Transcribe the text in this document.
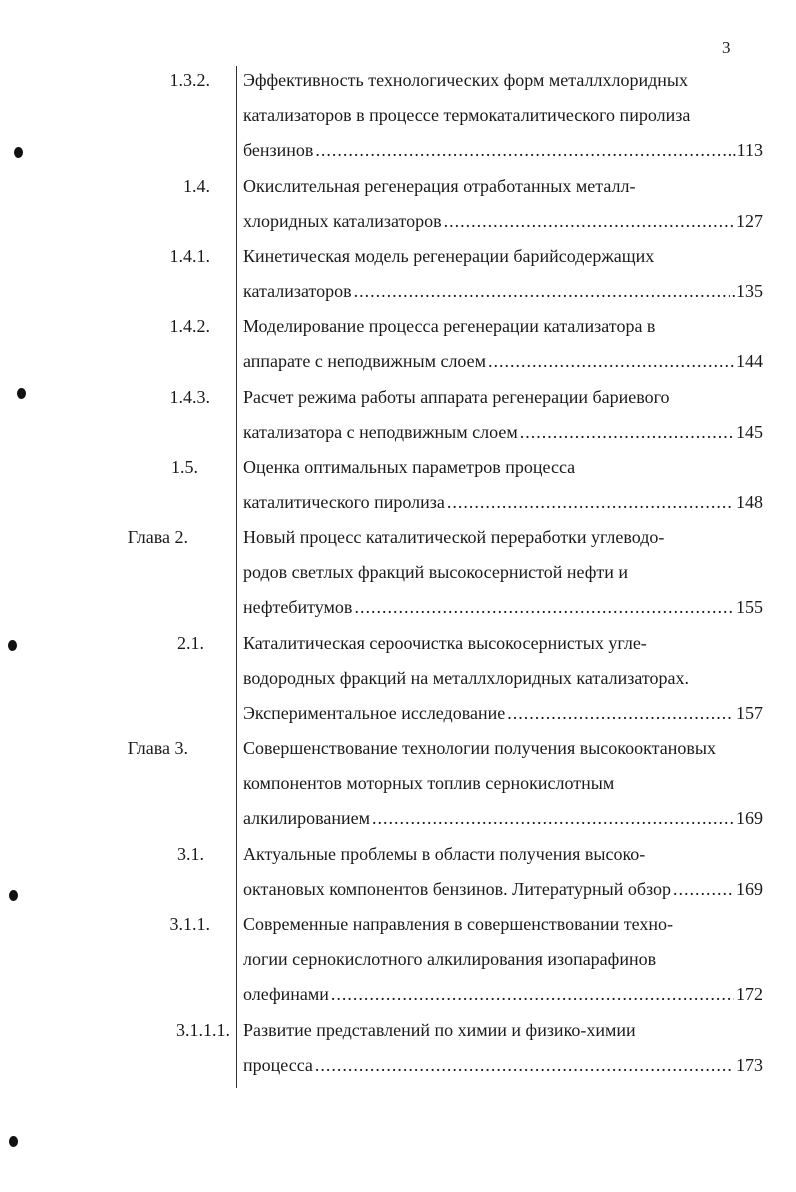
3
1.3.2. Эффективность технологических форм металлхлоридных
катализаторов в процессе термокаталитического пиролиза
бензинов .....	..113
1.4. Окислительная регенерация отработанных металл-
хлоридных катализаторов .....	127
1.4.1. Кинетическая модель регенерации барийсодержащих
катализаторов .....	.135
1.4.2. Моделирование процесса регенерации катализатора в
аппарате с неподвижным слоем .....	144
1.4.3. Расчет режима работы аппарата регенерации бариевого
катализатора с неподвижным слоем .....	145
1.5.	Оценка оптимальных параметров процесса
каталитического пиролиза .....	148
Глава 2.	Новый процесс каталитической переработки углеводо-
родов светлых фракций высокосернистой нефти и
нефтебитумов .....	155
2.1. Каталитическая сероочистка высокосернистых угле-
водородных фракций на металлхлоридных катализаторах.
Экспериментальное исследование .....	157
Глава 3.	Совершенствование технологии получения высокооктановых
компонентов моторных топлив сернокислотным
алкилированием .....	169
3.1. Актуальные проблемы в области получения высоко-
октановых компонентов бензинов. Литературный обзор .....	169
3.1.1. Современные направления в совершенствовании техно-
логии сернокислотного алкилирования изопарафинов
олефинами .....	172
3.1.1.1. Развитие представлений по химии и физико-химии
процесса .....	173
